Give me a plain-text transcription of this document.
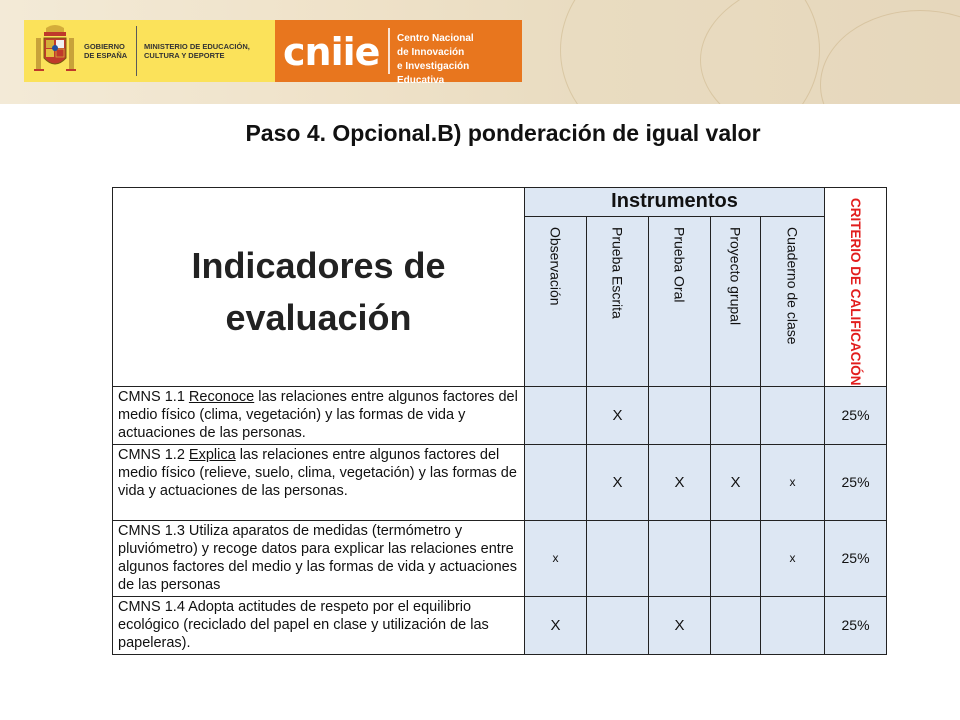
GOBIERNO DE ESPAÑA
MINISTERIO DE EDUCACIÓN, CULTURA Y DEPORTE	cniie Centro Nacional
de Innovación
e Investigación Educativa
Paso 4. Opcional.B) ponderación de igual valor
Indicadores de evaluación	Instrumentos					CRITERIO DE CALIFICACIÓN

	Observación	Prueba Escrita	Prueba Oral	Proyecto grupal	Cuaderno de clase	

CMNS 1.1 Reconoce las relaciones entre algunos factores del medio físico (clima, vegetación) y las formas de vida y actuaciones de las personas.		X				25%
CMNS 1.2 Explica las relaciones entre algunos factores del medio físico (relieve, suelo, clima, vegetación) y las formas de vida y actuaciones de las personas.		X	X	X	x	25%
CMNS 1.3 Utiliza aparatos de medidas (termómetro y pluviómetro) y recoge datos para explicar las relaciones entre algunos factores del medio y las formas de vida y actuaciones de las personas	x				x	25%
CMNS 1.4 Adopta actitudes de respeto por el equilibrio ecológico (reciclado del papel en clase y utilización de las papeleras).	X		X			25%
